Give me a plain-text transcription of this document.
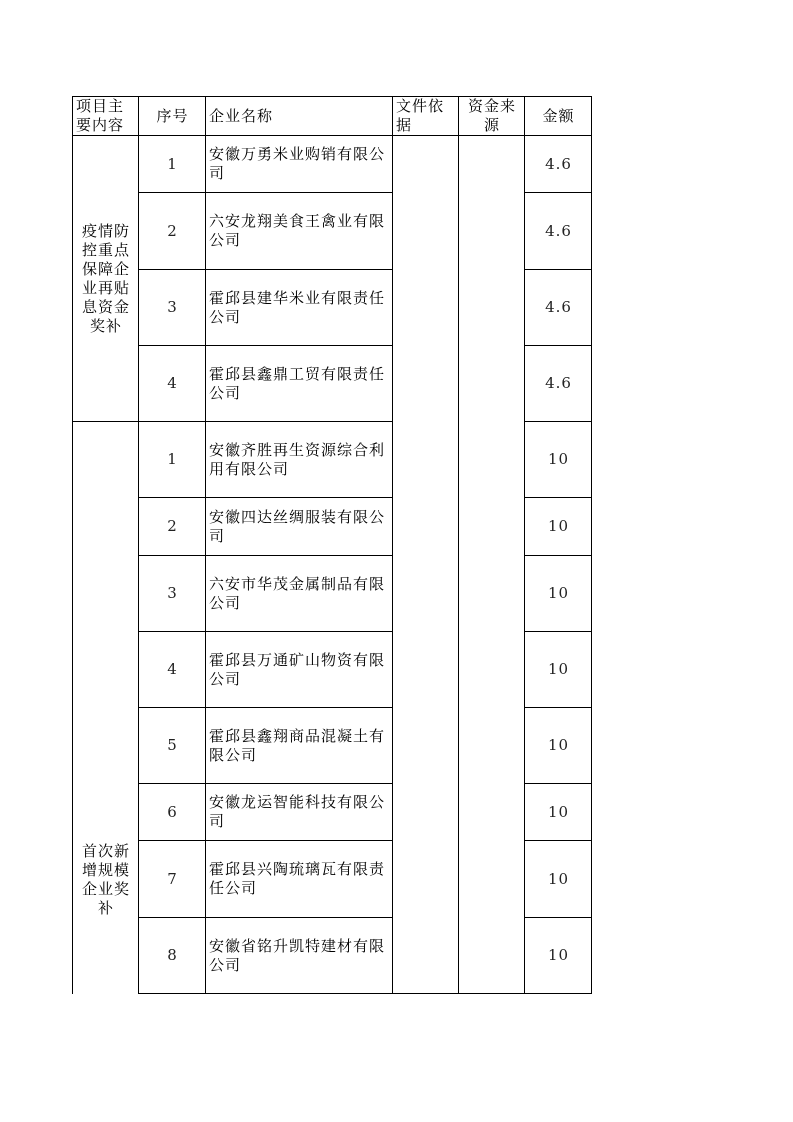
项目主要内容	序号	企业名称	文件依据	资金来源	金额
疫情防控重点保障企业再贴息资金奖补	1	安徽万勇米业购销有限公司			4.6
	2	六安龙翔美食王禽业有限公司			4.6
	3	霍邱县建华米业有限责任公司			4.6
	4	霍邱县鑫鼎工贸有限责任公司			4.6
首次新增规模企业奖补	1	安徽齐胜再生资源综合利用有限公司			10
	2	安徽四达丝绸服装有限公司			10
	3	六安市华茂金属制品有限公司			10
	4	霍邱县万通矿山物资有限公司			10
	5	霍邱县鑫翔商品混凝土有限公司			10
	6	安徽龙运智能科技有限公司			10
	7	霍邱县兴陶琉璃瓦有限责任公司			10
	8	安徽省铭升凯特建材有限公司			10
